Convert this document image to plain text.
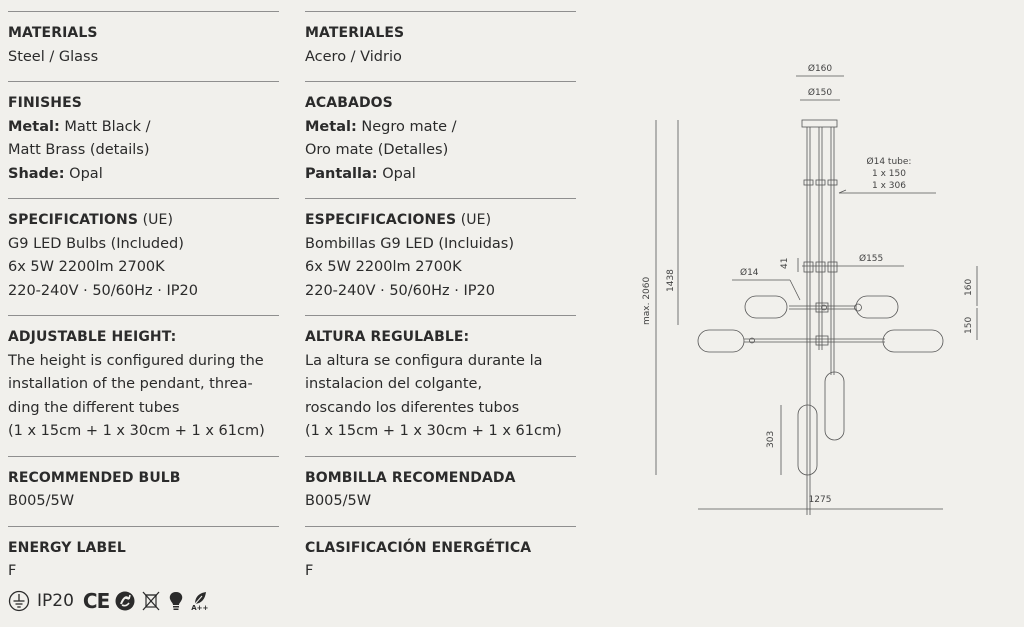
MATERIALS
Steel / Glass
FINISHES
Metal: Matt Black /
Matt Brass (details)
Shade: Opal
SPECIFICATIONS (UE)
G9 LED Bulbs (Included)
6x 5W 2200lm 2700K
220-240V · 50/60Hz · IP20
ADJUSTABLE HEIGHT:
The height is configured during the
installation of the pendant, threa-
ding the different tubes
(1 x 15cm + 1 x 30cm + 1 x 61cm)
RECOMMENDED BULB
B005/5W
ENERGY LABEL
F
MATERIALES
Acero / Vidrio
ACABADOS
Metal: Negro mate /
Oro mate (Detalles)
Pantalla: Opal
ESPECIFICACIONES (UE)
Bombillas G9 LED (Incluidas)
6x 5W 2200lm 2700K
220-240V · 50/60Hz · IP20
ALTURA REGULABLE:
La altura se configura durante la
instalacion del colgante,
roscando los diferentes tubos
(1 x 15cm + 1 x 30cm + 1 x 61cm)
BOMBILLA RECOMENDADA
B005/5W
CLASIFICACIÓN ENERGÉTICA
F
IP20 CE	A++
Ø160
Ø150
Ø14 tube:
1 x 150
1 x 306
Ø155
Ø14
41
max. 2060 1438	160
150
303
1275
